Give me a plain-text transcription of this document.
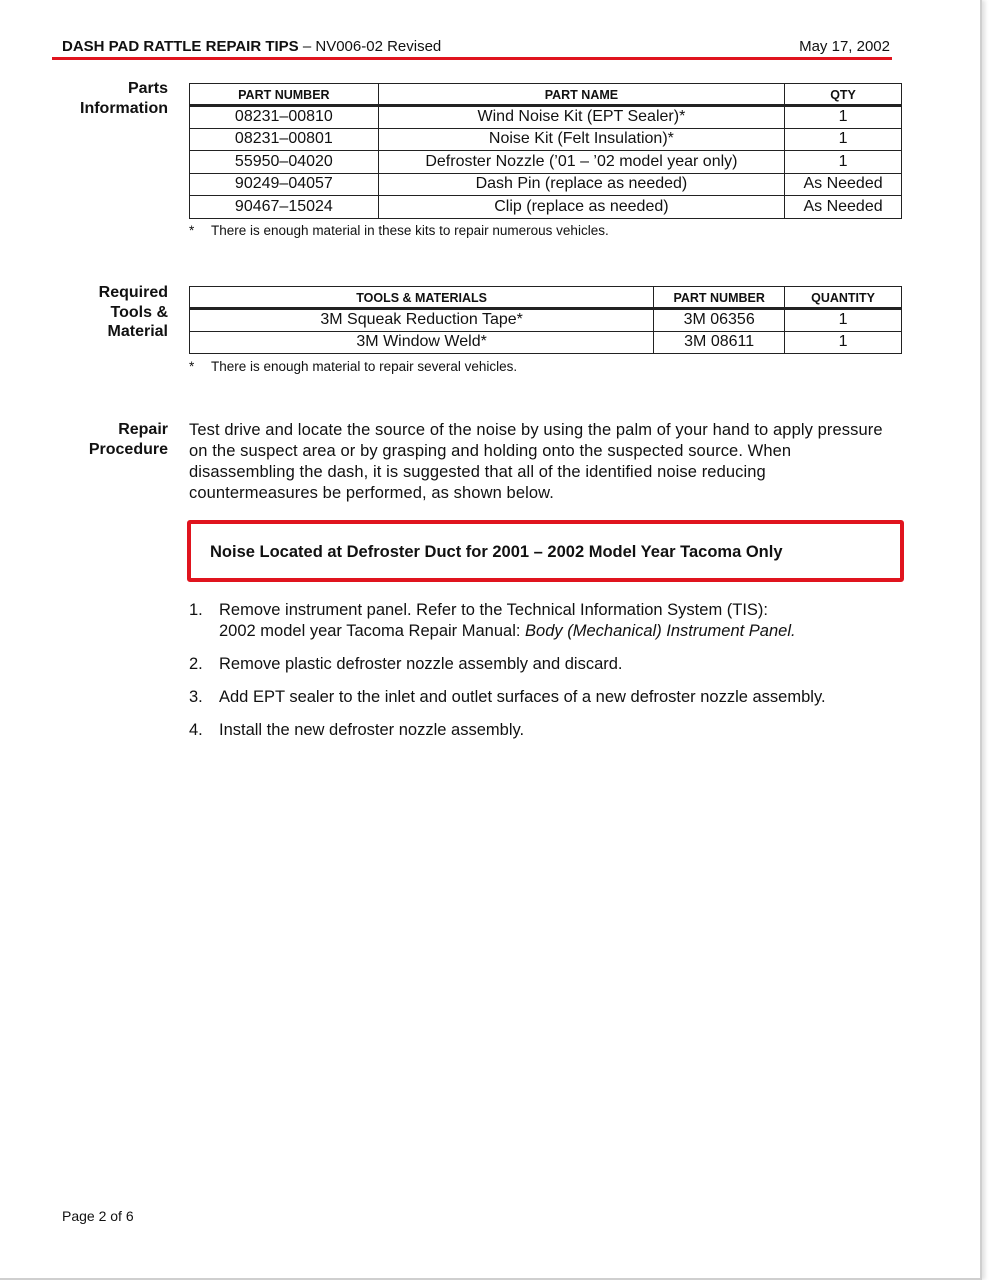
DASH PAD RATTLE REPAIR TIPS – NV006-02 Revised	May 17, 2002
Parts
Information
PART NUMBER	PART NAME	QTY
08231–00810	Wind Noise Kit (EPT Sealer)*	1
08231–00801	Noise Kit (Felt Insulation)*	1
55950–04020	Defroster Nozzle (’01 – ’02 model year only)	1
90249–04057	Dash Pin (replace as needed)	As Needed
90467–15024	Clip (replace as needed)	As Needed
* There is enough material in these kits to repair numerous vehicles.
Required
Tools &
Material
TOOLS & MATERIALS	PART NUMBER	QUANTITY
3M Squeak Reduction Tape*	3M 06356	1
3M Window Weld*	3M 08611	1
* There is enough material to repair several vehicles.
Repair
Procedure
Test drive and locate the source of the noise by using the palm of your hand to apply pressure on the suspect area or by grasping and holding onto the suspected source. When disassembling the dash, it is suggested that all of the identified noise reducing countermeasures be performed, as shown below.
Noise Located at Defroster Duct for 2001 – 2002 Model Year Tacoma Only
1. Remove instrument panel. Refer to the Technical Information System (TIS):
2002 model year Tacoma Repair Manual: Body (Mechanical) Instrument Panel.
2. Remove plastic defroster nozzle assembly and discard.
3. Add EPT sealer to the inlet and outlet surfaces of a new defroster nozzle assembly.
4. Install the new defroster nozzle assembly.
Page 2 of 6
